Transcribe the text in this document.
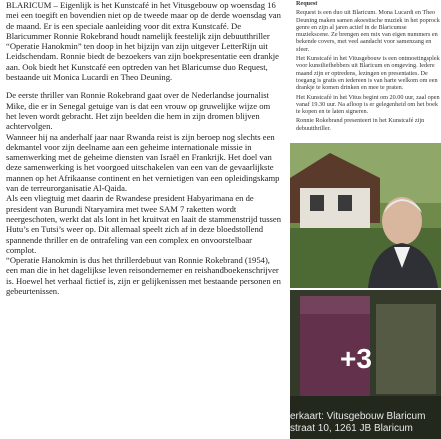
BLARICUM – Eigenlijk is het Kunstcafé in het Vitusgebouw op woensdag 16 mei een toegift en bovendien niet op de tweede maar op de derde woensdag van de maand. Er is een speciale aanleiding voor dit extra Kunstcafé. De Blaricummer Ronnie Rokebrand houdt namelijk feestelijk zijn debuutthriller “Operatie Hanokmin” ten doop in het bijzijn van zijn uitgever LetterRijn uit Leidschendam. Ronnie biedt de bezoekers van zijn boekpresentatie een drankje aan. Ook biedt het Kunstcafé een optreden van het Blaricumse duo Request, bestaande uit Monica Lucardi en Theo Deuning.

De eerste thriller van Ronnie Rokebrand gaat over de Nederlandse journalist Mike, die er in Senegal getuige van is dat een vrouw op gruwelijke wijze om het leven wordt gebracht. Het zijn beelden die hem in zijn dromen blijven achtervolgen.

Wanneer hij na anderhalf jaar naar Rwanda reist is zijn beroep nog slechts een dekmantel voor zijn deelname aan een geheime internationale missie in samenwerking met de geheime diensten van Israël en Frankrijk. Het doel van deze samenwerking is het voorgoed uitschakelen van een van de gevaarlijkste mannen op het Afrikaanse continent en het vernietigen van een opleidingskamp van de terreurorganisatie Al-Qaida.

Als een vliegtuig met daarin de Rwandese president Habyarimana en de president van Burundi Ntaryamira met twee SAM 7 raketten wordt neergeschoten, werkt dat als lont in het kruitvat en laait de stammenstrijd tussen Hutu’s en Tutsi’s weer op. Dit allemaal speelt zich af in deze bloedstollend spannende thriller en de ontrafeling van een complex en onvoorstelbaar complot.

“Operatie Hanokmin is dus het thrillerdebuut van Ronnie Rokebrand (1954), een man die in het dagelijkse leven reisondernemer en reishandboekenschrijver is. Hoewel het verhaal fictief is, zijn er gelijkenissen met bestaande personen en gebeurtenissen.

Request

Request is een duo uit Blaricum. Mona Lucardi en Theo Deuning maken samen akoestische muziek in het poprock genre en zijn al jaren actief in de Blaricumse muziekscene. Ze brengen een mix van eigen nummers en bekende covers, met veel aandacht voor samenzang en sfeer.

Het Kunstcafé in het Vitusgebouw is een ontmoetingsplek voor kunstliefhebbers uit Blaricum en omgeving. Iedere maand zijn er optredens, lezingen en presentaties. De toegang is gratis en iedereen is van harte welkom om een drankje te komen drinken en mee te praten.

Het Kunstcafé in het Vitus begint om 20.00 uur, zaal open vanaf 19.30 uur. Na afloop is er gelegenheid om het boek te kopen en te laten signeren.

Ronnie Rokebrand presenteert in het Kunstcafé zijn debuutthriller.

+3
erkaart: Vitusgebouw Blaricum
straat 10, 1261 JB Blaricum
